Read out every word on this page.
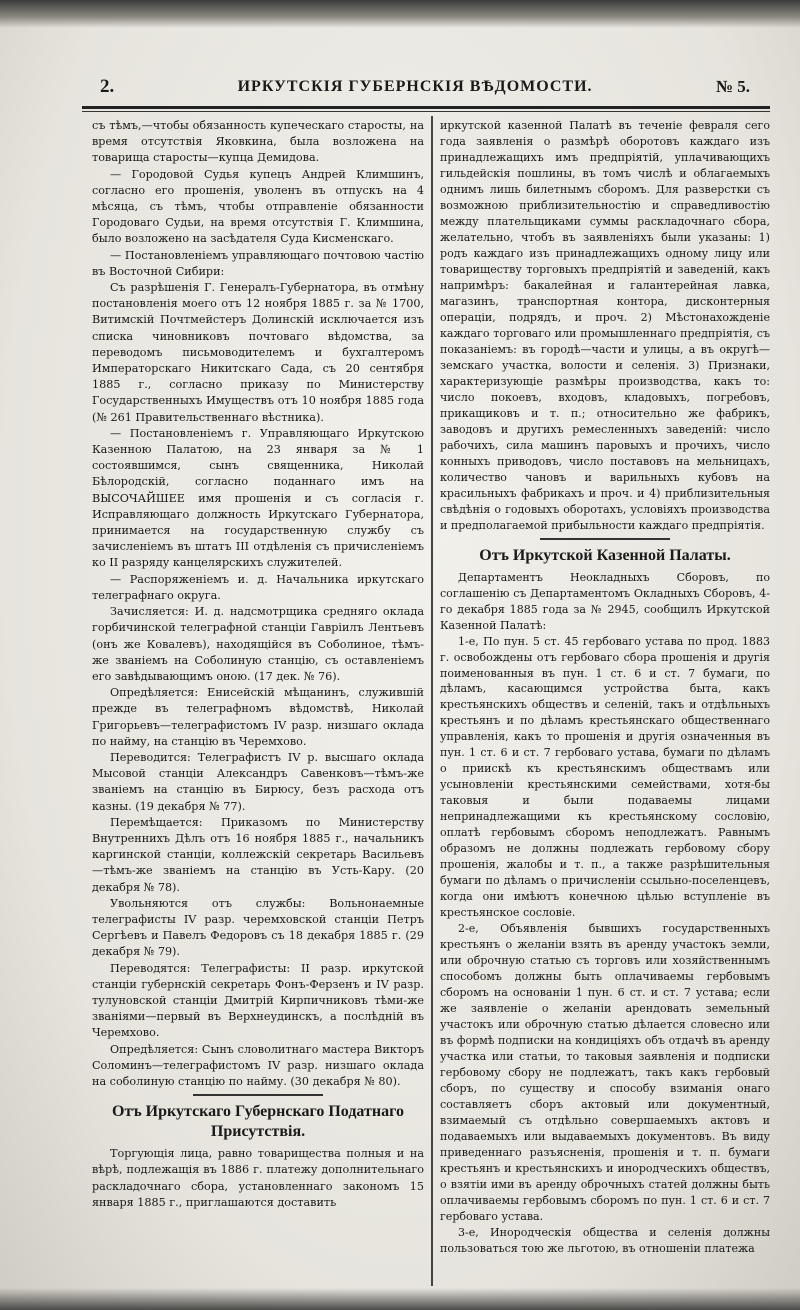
2.	ИРКУТСКІЯ ГУБЕРНСКІЯ ВѢДОМОСТИ.	№ 5.

съ тѣмъ,—чтобы обязанность купеческаго старосты, на время отсутствія Яковкина, была возложена на товарища старосты—купца Демидова.

— Городовой Судья купецъ Андрей Климшинъ, согласно его прошенія, уволенъ въ отпускъ на 4 мѣсяца, съ тѣмъ, чтобы отправленіе обязанности Городоваго Судьи, на время отсутствія Г. Климшина, было возложено на засѣдателя Суда Кисменскаго.

— Постановленіемъ управляющаго почтовою частію въ Восточной Сибири:

Съ разрѣшенія Г. Генералъ-Губернатора, въ отмѣну постановленія моего отъ 12 ноября 1885 г. за № 1700, Витимскій Почтмейстеръ Долинскій исключается изъ списка чиновниковъ почтоваго вѣдомства, за переводомъ письмоводителемъ и бухгалтеромъ Императорскаго Никитскаго Сада, съ 20 сентября 1885 г., согласно приказу по Министерству Государственныхъ Имуществъ отъ 10 ноября 1885 года (№ 261 Правительственнаго вѣстника).

— Постановленіемъ г. Управляющаго Иркутскою Казенною Палатою, на 23 января за № 1 состоявшимся, сынъ священника, Николай Бѣлородскій, согласно поданнаго имъ на ВЫСОЧАЙШЕЕ имя прошенія и съ согласія г. Исправляющаго должность Иркутскаго Губернатора, принимается на государственную службу съ зачисленіемъ въ штатъ III отдѣленія съ причисленіемъ ко II разряду канцелярскихъ служителей.

— Распоряженіемъ и. д. Начальника иркутскаго телеграфнаго округа.

Зачисляется: И. д. надсмотрщика средняго оклада горбичинской телеграфной станціи Гавріилъ Лентьевъ (онъ же Ковалевъ), находящійся въ Соболиное, тѣмъ-же званіемъ на Соболиную станцію, съ оставленіемъ его завѣдывающимъ оною. (17 дек. № 76).

Опредѣляется: Енисейскій мѣщанинъ, служившій прежде въ телеграфномъ вѣдомствѣ, Николай Григорьевъ—телеграфистомъ IV разр. низшаго оклада по найму, на станцію въ Черемхово.

Переводится: Телеграфистъ IV р. высшаго оклада Мысовой станціи Александръ Савенковъ—тѣмъ-же званіемъ на станцію въ Бирюсу, безъ расхода отъ казны. (19 декабря № 77).

Перемѣщается: Приказомъ по Министерству Внутреннихъ Дѣлъ отъ 16 ноября 1885 г., начальникъ каргинской станціи, коллежскій секретарь Васильевъ—тѣмъ-же званіемъ на станцію въ Усть-Кару. (20 декабря № 78).

Увольняются отъ службы: Вольнонаемные телеграфисты IV разр. черемховской станціи Петръ Сергѣевъ и Павелъ Федоровъ съ 18 декабря 1885 г. (29 декабря № 79).

Переводятся: Телеграфисты: II разр. иркутской станціи губернскій секретарь Фонъ-Ферзенъ и IV разр. тулуновской станціи Дмитрій Кирпичниковъ тѣми-же званіями—первый въ Верхнеудинскъ, а послѣдній въ Черемхово.

Опредѣляется: Сынъ словолитнаго мастера Викторъ Соломинъ—телеграфистомъ IV разр. низшаго оклада на соболиную станцію по найму. (30 декабря № 80).

Отъ Иркутскаго Губернскаго Податнаго Присутствія.

Торгующія лица, равно товарищества полныя и на вѣрѣ, подлежащія въ 1886 г. платежу дополнительнаго раскладочнаго сбора, установленнаго закономъ 15 января 1885 г., приглашаются доставить

иркутской казенной Палатѣ въ теченіе февраля сего года заявленія о размѣрѣ оборотовъ каждаго изъ принадлежащихъ имъ предпріятій, уплачивающихъ гильдейскія пошлины, въ томъ числѣ и облагаемыхъ однимъ лишь билетнымъ сборомъ. Для разверстки съ возможною приблизительностію и справедливостію между плательщиками суммы раскладочнаго сбора, желательно, чтобъ въ заявленіяхъ были указаны: 1) родъ каждаго изъ принадлежащихъ одному лицу или товариществу торговыхъ предпріятій и заведеній, какъ напримѣръ: бакалейная и галантерейная лавка, магазинъ, транспортная контора, дисконтерныя операціи, подрядъ, и проч. 2) Мѣстонахожденіе каждаго торговаго или промышленнаго предпріятія, съ показаніемъ: въ городѣ—части и улицы, а въ округѣ—земскаго участка, волости и селенія. 3) Признаки, характеризующіе размѣры производства, какъ то: число покоевъ, входовъ, кладовыхъ, погребовъ, прикащиковъ и т. п.; относительно же фабрикъ, заводовъ и другихъ ремесленныхъ заведеній: число рабочихъ, сила машинъ паровыхъ и прочихъ, число конныхъ приводовъ, число поставовъ на мельницахъ, количество чановъ и варильныхъ кубовъ на красильныхъ фабрикахъ и проч. и 4) приблизительныя свѣдѣнія о годовыхъ оборотахъ, условіяхъ производства и предполагаемой прибыльности каждаго предпріятія.

Отъ Иркутской Казенной Палаты.

Департаментъ Неокладныхъ Сборовъ, по соглашенію съ Департаментомъ Окладныхъ Сборовъ, 4-го декабря 1885 года за № 2945, сообщилъ Иркутской Казенной Палатѣ:

1-е, По пун. 5 ст. 45 гербоваго устава по прод. 1883 г. освобождены отъ гербоваго сбора прошенія и другія поименованныя въ пун. 1 ст. 6 и ст. 7 бумаги, по дѣламъ, касающимся устройства быта, какъ крестьянскихъ обществъ и селеній, такъ и отдѣльныхъ крестьянъ и по дѣламъ крестьянскаго общественнаго управленія, какъ то прошенія и другія означенныя въ пун. 1 ст. 6 и ст. 7 гербоваго устава, бумаги по дѣламъ о приискѣ къ крестьянскимъ обществамъ или усыновленіи крестьянскими семействами, хотя-бы таковыя и были подаваемы лицами непринадлежащими къ крестьянскому сословію, оплатѣ гербовымъ сборомъ неподлежатъ. Равнымъ образомъ не должны подлежать гербовому сбору прошенія, жалобы и т. п., а также разрѣшительныя бумаги по дѣламъ о причисленіи ссыльно-поселенцевъ, когда они имѣютъ конечною цѣлью вступленіе въ крестьянское сословіе.

2-е, Объявленія бывшихъ государственныхъ крестьянъ о желаніи взять въ аренду участокъ земли, или оброчную статью съ торговъ или хозяйственнымъ способомъ должны быть оплачиваемы гербовымъ сборомъ на основаніи 1 пун. 6 ст. и ст. 7 устава; если же заявленіе о желаніи арендовать земельный участокъ или оброчную статью дѣлается словесно или въ формѣ подписки на кондиціяхъ объ отдачѣ въ аренду участка или статьи, то таковыя заявленія и подписки гербовому сбору не подлежатъ, такъ какъ гербовый сборъ, по существу и способу взиманія онаго составляетъ сборъ актовый или документный, взимаемый съ отдѣльно совершаемыхъ актовъ и подаваемыхъ или выдаваемыхъ документовъ. Въ виду приведеннаго разъясненія, прошенія и т. п. бумаги крестьянъ и крестьянскихъ и инородческихъ обществъ, о взятіи ими въ аренду оброчныхъ статей должны быть оплачиваемы гербовымъ сборомъ по пун. 1 ст. 6 и ст. 7 гербоваго устава.

3-е, Инородческія общества и селенія должны пользоваться тою же льготою, въ отношеніи платежа
